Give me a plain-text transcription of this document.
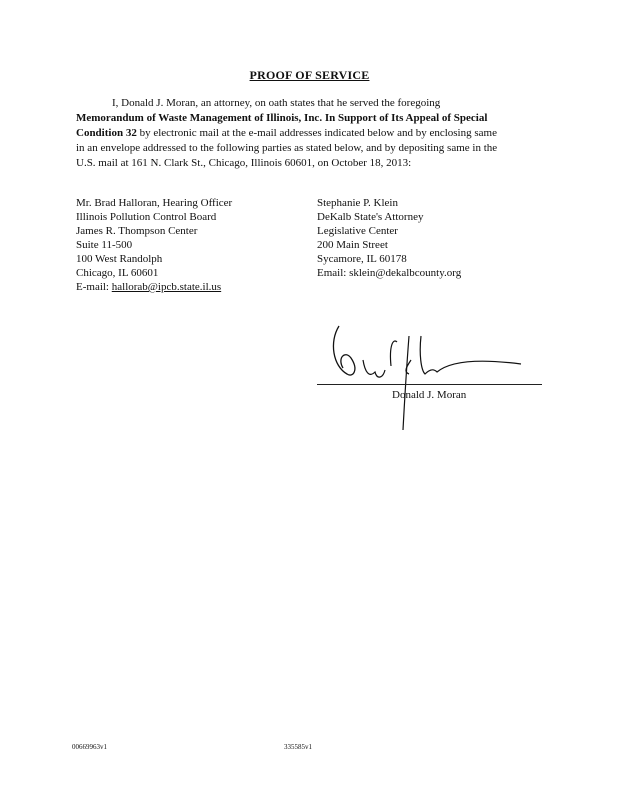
PROOF OF SERVICE
I, Donald J. Moran, an attorney, on oath states that he served the foregoing
Memorandum of Waste Management of Illinois, Inc. In Support of Its Appeal of Special
Condition 32 by electronic mail at the e-mail addresses indicated below and by enclosing same
in an envelope addressed to the following parties as stated below, and by depositing same in the
U.S. mail at 161 N. Clark St., Chicago, Illinois 60601, on October 18, 2013:
Mr. Brad Halloran, Hearing Officer
Illinois Pollution Control Board
James R. Thompson Center
Suite 11-500
100 West Randolph
Chicago, IL 60601
E-mail: hallorab@ipcb.state.il.us
Stephanie P. Klein
DeKalb State's Attorney
Legislative Center
200 Main Street
Sycamore, IL 60178
Email: sklein@dekalbcounty.org
Donald J. Moran
00669963v1	335585v1
